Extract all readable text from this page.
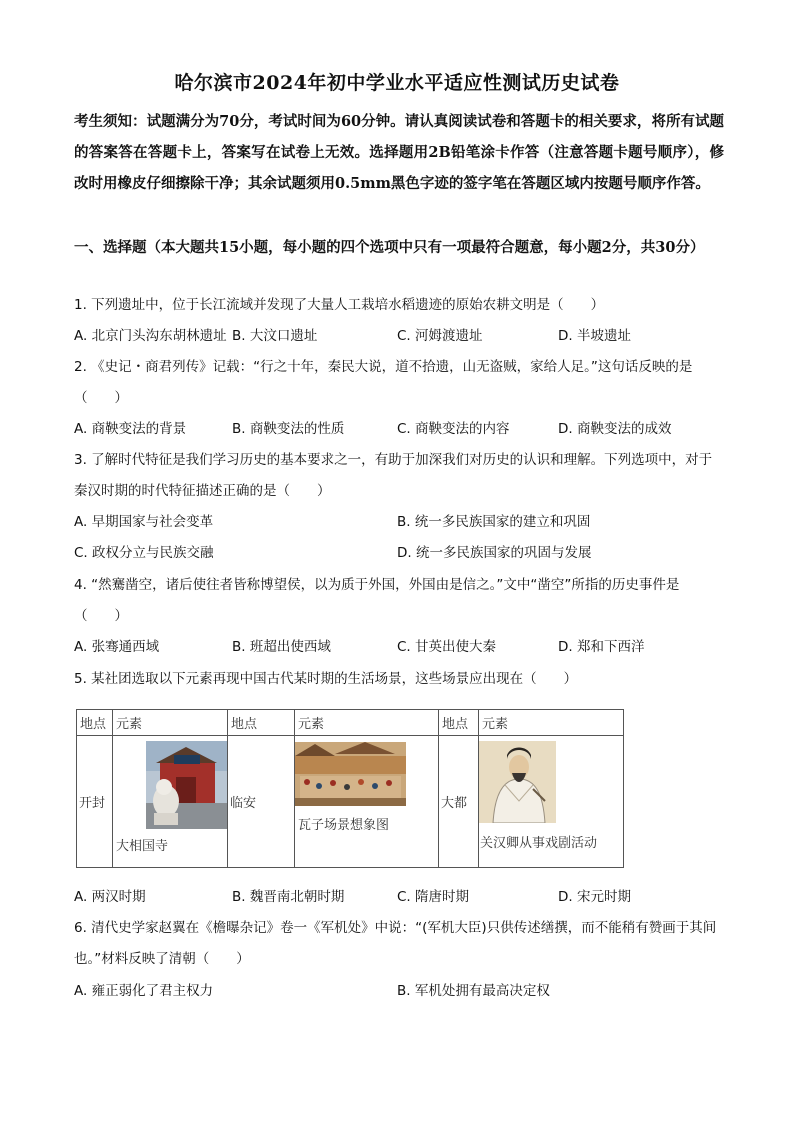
哈尔滨市2024年初中学业水平适应性测试历史试卷
考生须知：试题满分为70分，考试时间为60分钟。请认真阅读试卷和答题卡的相关要求，将所有试题的答案答在答题卡上，答案写在试卷上无效。选择题用2B铅笔涂卡作答（注意答题卡题号顺序），修改时用橡皮仔细擦除干净；其余试题须用0.5mm黑色字迹的签字笔在答题区域内按题号顺序作答。
一、选择题（本大题共15小题，每小题的四个选项中只有一项最符合题意，每小题2分，共30分）
1. 下列遗址中，位于长江流域并发现了大量人工栽培水稻遗迹的原始农耕文明是（　　）
A. 北京门头沟东胡林遗址 B. 大汶口遗址	C. 河姆渡遗址	D. 半坡遗址
2. 《史记・商君列传》记载：“行之十年，秦民大说，道不拾遗，山无盗贼，家给人足。”这句话反映的是（　　）
A. 商鞅变法的背景	B. 商鞅变法的性质	C. 商鞅变法的内容	D. 商鞅变法的成效
3. 了解时代特征是我们学习历史的基本要求之一，有助于加深我们对历史的认识和理解。下列选项中，对于秦汉时期的时代特征描述正确的是（　　）
A. 早期国家与社会变革	B. 统一多民族国家的建立和巩固
C. 政权分立与民族交融	D. 统一多民族国家的巩固与发展
4. “然騫凿空，诸后使往者皆称博望侯，以为质于外国，外国由是信之。”文中“凿空”所指的历史事件是（　　）
A. 张骞通西域	B. 班超出使西域	C. 甘英出使大秦	D. 郑和下西洋
5. 某社团选取以下元素再现中国古代某时期的生活场景，这些场景应出现在（　　）
地点	元素	地点	元素	地点	元素
开封	大相国寺	临安	瓦子场景想象图	大都	关汉卿从事戏剧活动
A. 两汉时期	B. 魏晋南北朝时期	C. 隋唐时期	D. 宋元时期
6. 清代史学家赵翼在《檐曝杂记》卷一《军机处》中说：“(军机大臣)只供传述缮撰，而不能稍有赞画于其间也。”材料反映了清朝（　　）
A. 雍正弱化了君主权力	B. 军机处拥有最高决定权
